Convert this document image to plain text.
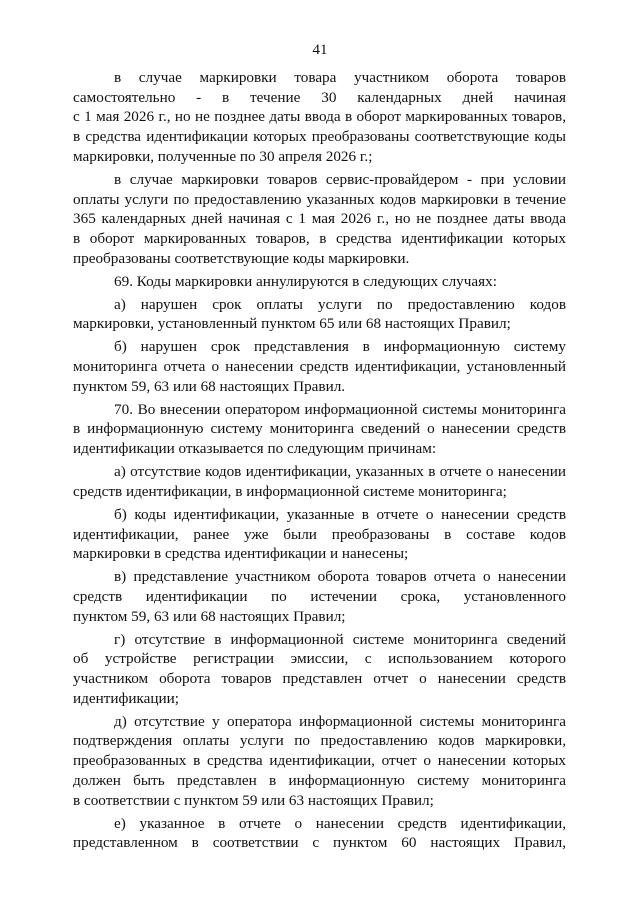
41

в случае маркировки товара участником оборота товаров
самостоятельно - в течение 30 календарных дней начиная
с 1 мая 2026 г., но не позднее даты ввода в оборот маркированных товаров,
в средства идентификации которых преобразованы соответствующие коды
маркировки, полученные по 30 апреля 2026 г.;

в случае маркировки товаров сервис-провайдером - при условии
оплаты услуги по предоставлению указанных кодов маркировки в течение
365 календарных дней начиная с 1 мая 2026 г., но не позднее даты ввода
в оборот маркированных товаров, в средства идентификации которых
преобразованы соответствующие коды маркировки.

69. Коды маркировки аннулируются в следующих случаях:

а) нарушен срок оплаты услуги по предоставлению кодов
маркировки, установленный пунктом 65 или 68 настоящих Правил;

б) нарушен срок представления в информационную систему
мониторинга отчета о нанесении средств идентификации, установленный
пунктом 59, 63 или 68 настоящих Правил.

70. Во внесении оператором информационной системы мониторинга
в информационную систему мониторинга сведений о нанесении средств
идентификации отказывается по следующим причинам:

а) отсутствие кодов идентификации, указанных в отчете о нанесении
средств идентификации, в информационной системе мониторинга;

б) коды идентификации, указанные в отчете о нанесении средств
идентификации, ранее уже были преобразованы в составе кодов
маркировки в средства идентификации и нанесены;

в) представление участником оборота товаров отчета о нанесении
средств идентификации по истечении срока, установленного
пунктом 59, 63 или 68 настоящих Правил;

г) отсутствие в информационной системе мониторинга сведений
об устройстве регистрации эмиссии, с использованием которого
участником оборота товаров представлен отчет о нанесении средств
идентификации;

д) отсутствие у оператора информационной системы мониторинга
подтверждения оплаты услуги по предоставлению кодов маркировки,
преобразованных в средства идентификации, отчет о нанесении которых
должен быть представлен в информационную систему мониторинга
в соответствии с пунктом 59 или 63 настоящих Правил;

е) указанное в отчете о нанесении средств идентификации,
представленном в соответствии с пунктом 60 настоящих Правил,
